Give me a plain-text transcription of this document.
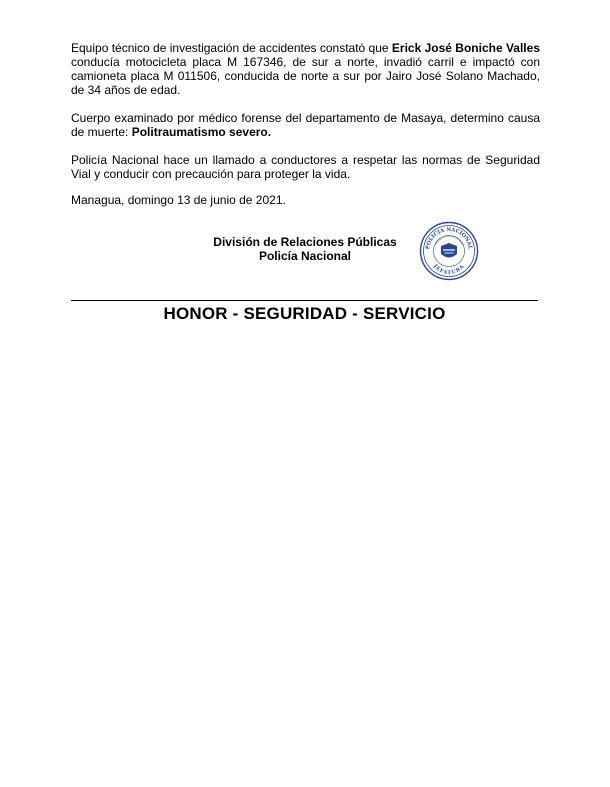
Equipo técnico de investigación de accidentes constató que Erick José Boniche Valles conducía motocicleta placa M 167346, de sur a norte, invadió carril e impactó con camioneta placa M 011506, conducida de norte a sur por Jairo José Solano Machado, de 34 años de edad.

Cuerpo examinado por médico forense del departamento de Masaya, determino causa de muerte: Politraumatismo severo.

Policía Nacional hace un llamado a conductores a respetar las normas de Seguridad Vial y conducir con precaución para proteger la vida.

Managua, domingo 13 de junio de 2021.

División de Relaciones Públicas
Policía Nacional
POLICIA NACIONAL
REPUBLICA DE NICARAGUA
JEFATURA
HONOR - SEGURIDAD - SERVICIO
